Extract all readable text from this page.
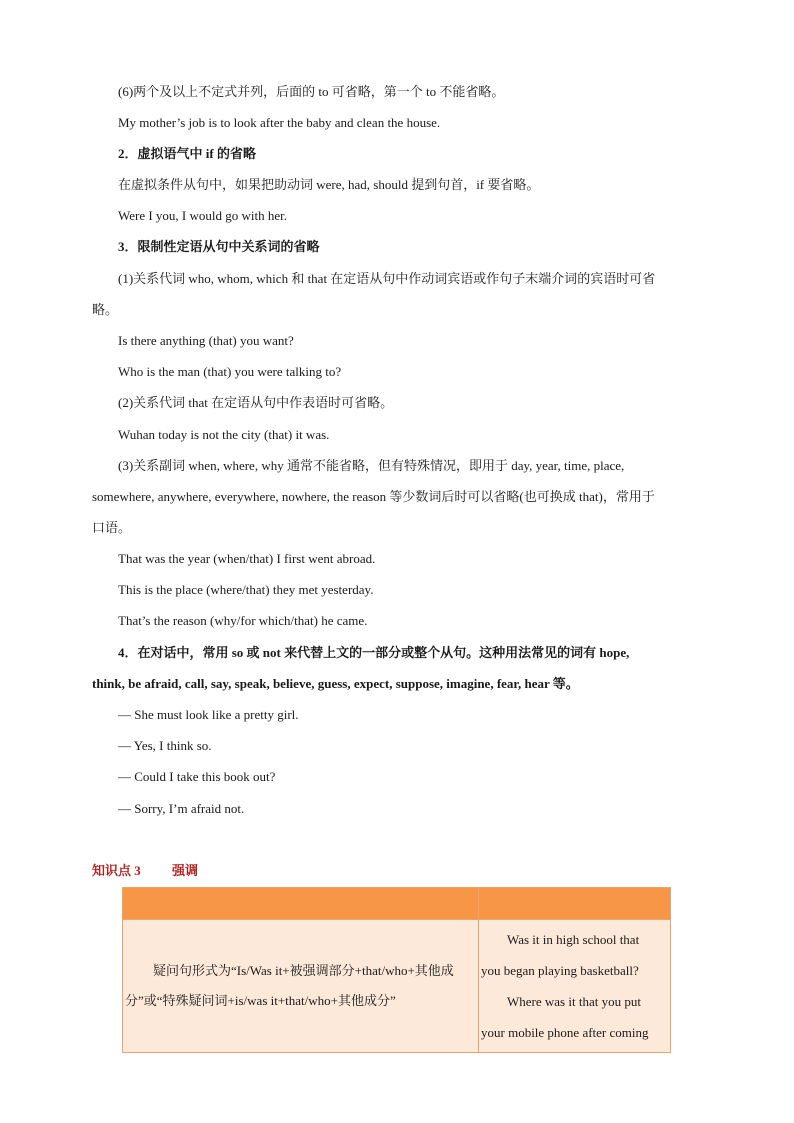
(6)两个及以上不定式并列，后面的 to 可省略，第一个 to 不能省略。
My mother’s job is to look after the baby and clean the house.
2．虚拟语气中 if 的省略
在虚拟条件从句中，如果把助动词 were, had, should 提到句首，if 要省略。
Were I you, I would go with her.
3．限制性定语从句中关系词的省略
(1)关系代词 who, whom, which 和 that 在定语从句中作动词宾语或作句子末端介词的宾语时可省
略。
Is there anything (that) you want?
Who is the man (that) you were talking to?
(2)关系代词 that 在定语从句中作表语时可省略。
Wuhan today is not the city (that) it was.
(3)关系副词 when, where, why 通常不能省略，但有特殊情况，即用于 day, year, time, place,
somewhere, anywhere, everywhere, nowhere, the reason 等少数词后时可以省略(也可换成 that)，常用于
口语。
That was the year (when/that) I first went abroad.
This is the place (where/that) they met yesterday.
That’s the reason (why/for which/that) he came.
4．在对话中，常用 so 或 not 来代替上文的一部分或整个从句。这种用法常见的词有 hope,
think, be afraid, call, say, speak, believe, guess, expect, suppose, imagine, fear, hear 等。
— She must look like a pretty girl.
— Yes, I think so.
— Could I take this book out?
— Sorry, I’m afraid not.
知识点 3 强调

疑问句形式为“Is/Was it+被强调部分+that/who+其他成分”或“特殊疑问词+is/was it+that/who+其他成分”	Was it in high school that
you began playing basketball?
Where was it that you put
your mobile phone after coming
